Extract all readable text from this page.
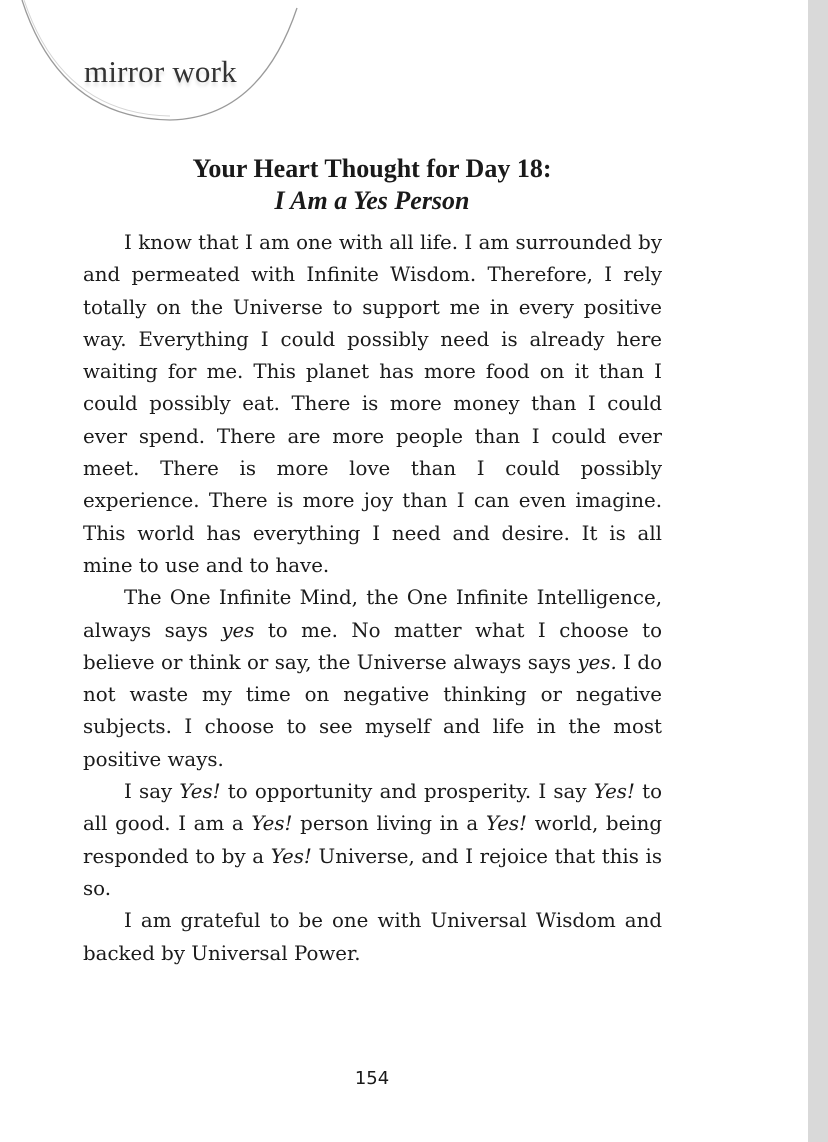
mirror work
Your Heart Thought for Day 18:
I Am a Yes Person

I know that I am one with all life. I am surrounded by and permeated with Infinite Wisdom. Therefore, I rely totally on the Universe to support me in every positive way. Everything I could possibly need is already here waiting for me. This planet has more food on it than I could possibly eat. There is more money than I could ever spend. There are more people than I could ever meet. There is more love than I could possibly experience. There is more joy than I can even imagine. This world has everything I need and desire. It is all mine to use and to have.

The One Infinite Mind, the One Infinite Intelligence, always says yes to me. No matter what I choose to believe or think or say, the Universe always says yes. I do not waste my time on negative thinking or negative subjects. I choose to see myself and life in the most positive ways.

I say Yes! to opportunity and prosperity. I say Yes! to all good. I am a Yes! person living in a Yes! world, being responded to by a Yes! Universe, and I rejoice that this is so.

I am grateful to be one with Universal Wisdom and backed by Universal Power.

154
